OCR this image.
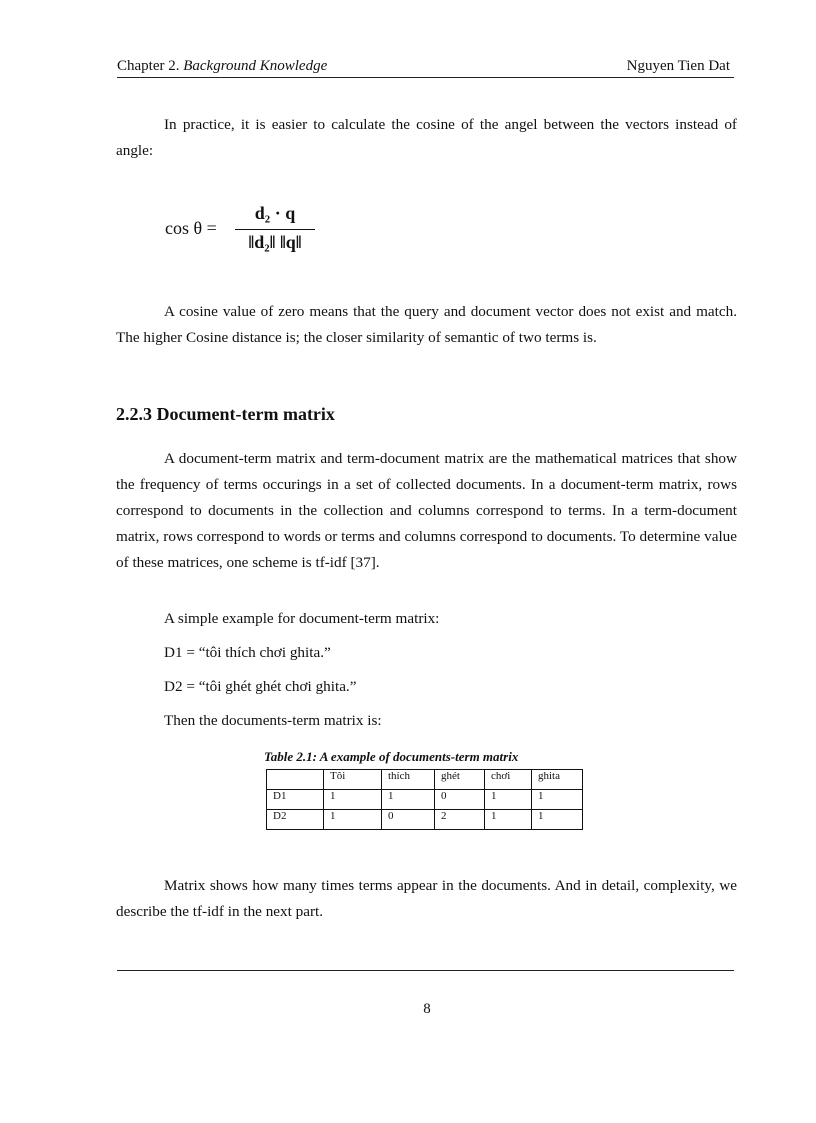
Chapter 2. Background Knowledge	Nguyen Tien Dat

In practice, it is easier to calculate the cosine of the angel between the vectors instead of angle:

cos θ =
d₂ · q
‖d₂‖ ‖q‖

A cosine value of zero means that the query and document vector does not exist and match. The higher Cosine distance is; the closer similarity of semantic of two terms is.

2.2.3 Document-term matrix

A document-term matrix and term-document matrix are the mathematical matrices that show the frequency of terms occurings in a set of collected documents. In a document-term matrix, rows correspond to documents in the collection and columns correspond to terms. In a term-document matrix, rows correspond to words or terms and columns correspond to documents. To determine value of these matrices, one scheme is tf-idf [37].

A simple example for document-term matrix:

D1 = “tôi thích chơi ghita.”

D2 = “tôi ghét ghét chơi ghita.”

Then the documents-term matrix is:

Table 2.1: A example of documents-term matrix

	Tôi	thích	ghét	chơi	ghita
D1	1	1	0	1	1
D2	1	0	2	1	1

Matrix shows how many times terms appear in the documents. And in detail, complexity, we describe the tf-idf in the next part.

8
